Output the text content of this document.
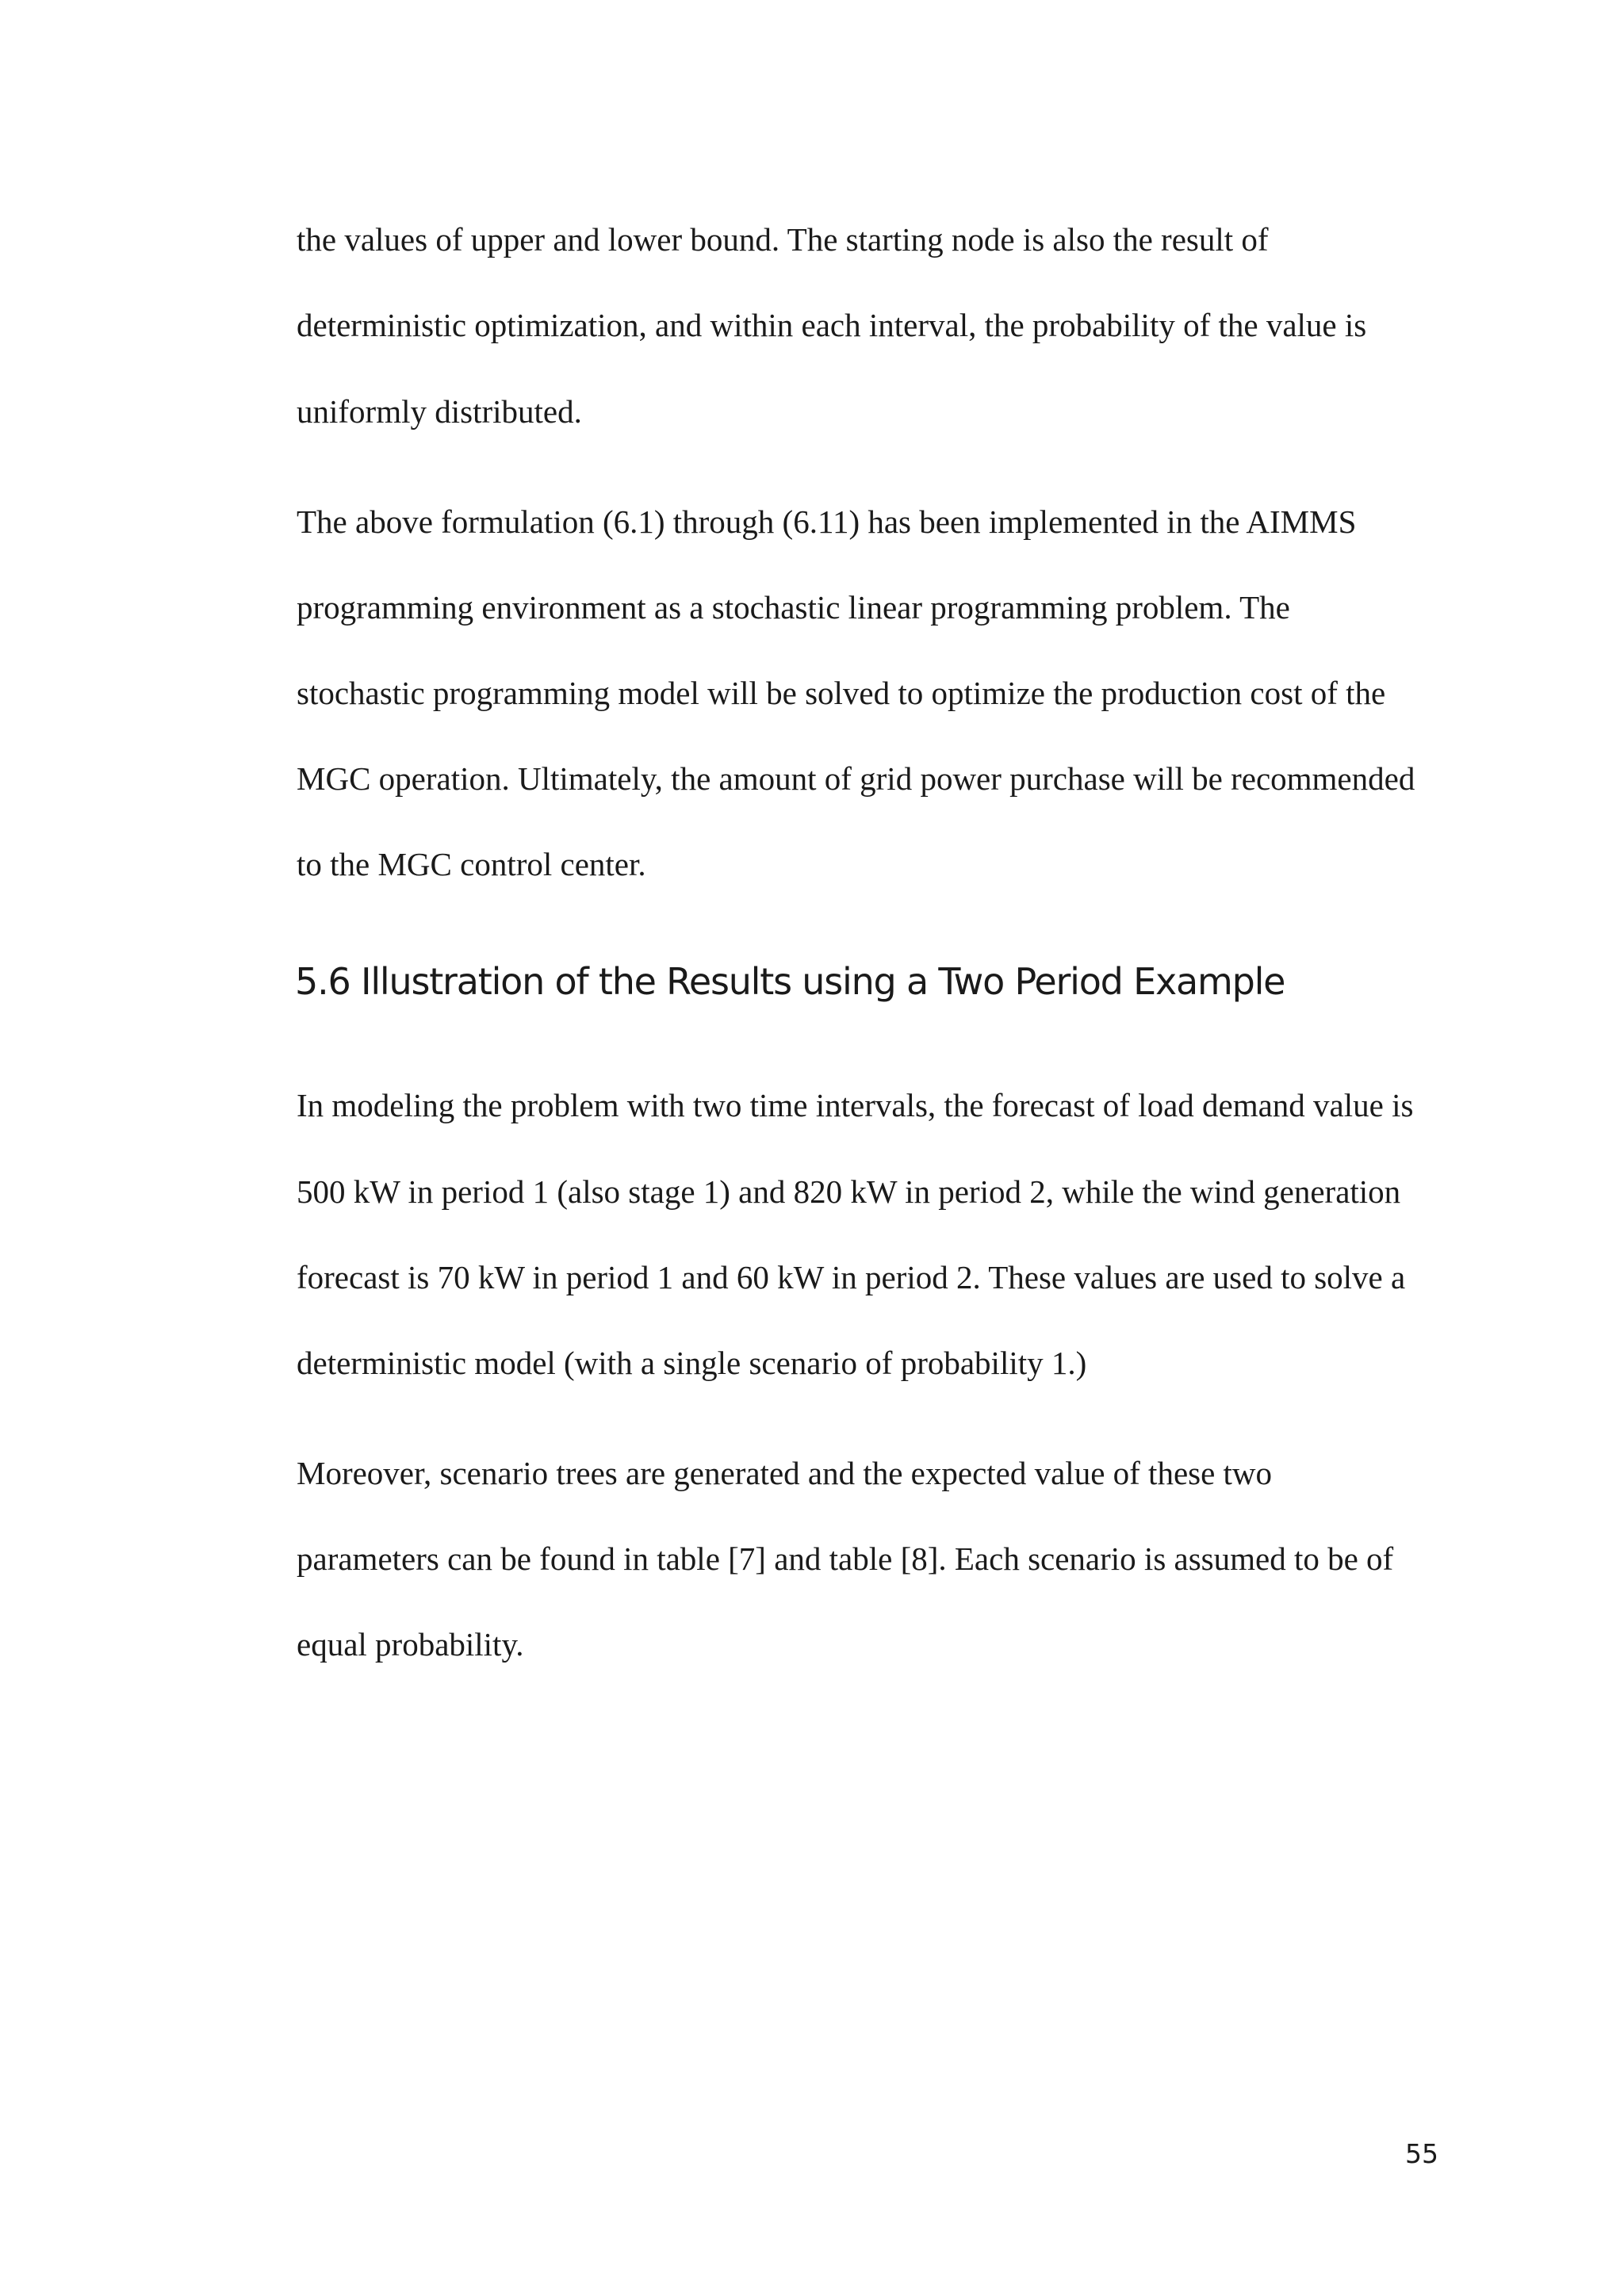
the values of upper and lower bound. The starting node is also the result of

deterministic optimization, and within each interval, the probability of the value is

uniformly distributed.

The above formulation (6.1) through (6.11) has been implemented in the AIMMS

programming environment as a stochastic linear programming problem. The

stochastic programming model will be solved to optimize the production cost of the

MGC operation. Ultimately, the amount of grid power purchase will be recommended

to the MGC control center.

5.6 Illustration of the Results using a Two Period Example

In modeling the problem with two time intervals, the forecast of load demand value is

500 kW in period 1 (also stage 1) and 820 kW in period 2, while the wind generation

forecast is 70 kW in period 1 and 60 kW in period 2. These values are used to solve a

deterministic model (with a single scenario of probability 1.)

Moreover, scenario trees are generated and the expected value of these two

parameters can be found in table [7] and table [8]. Each scenario is assumed to be of

equal probability.

55
